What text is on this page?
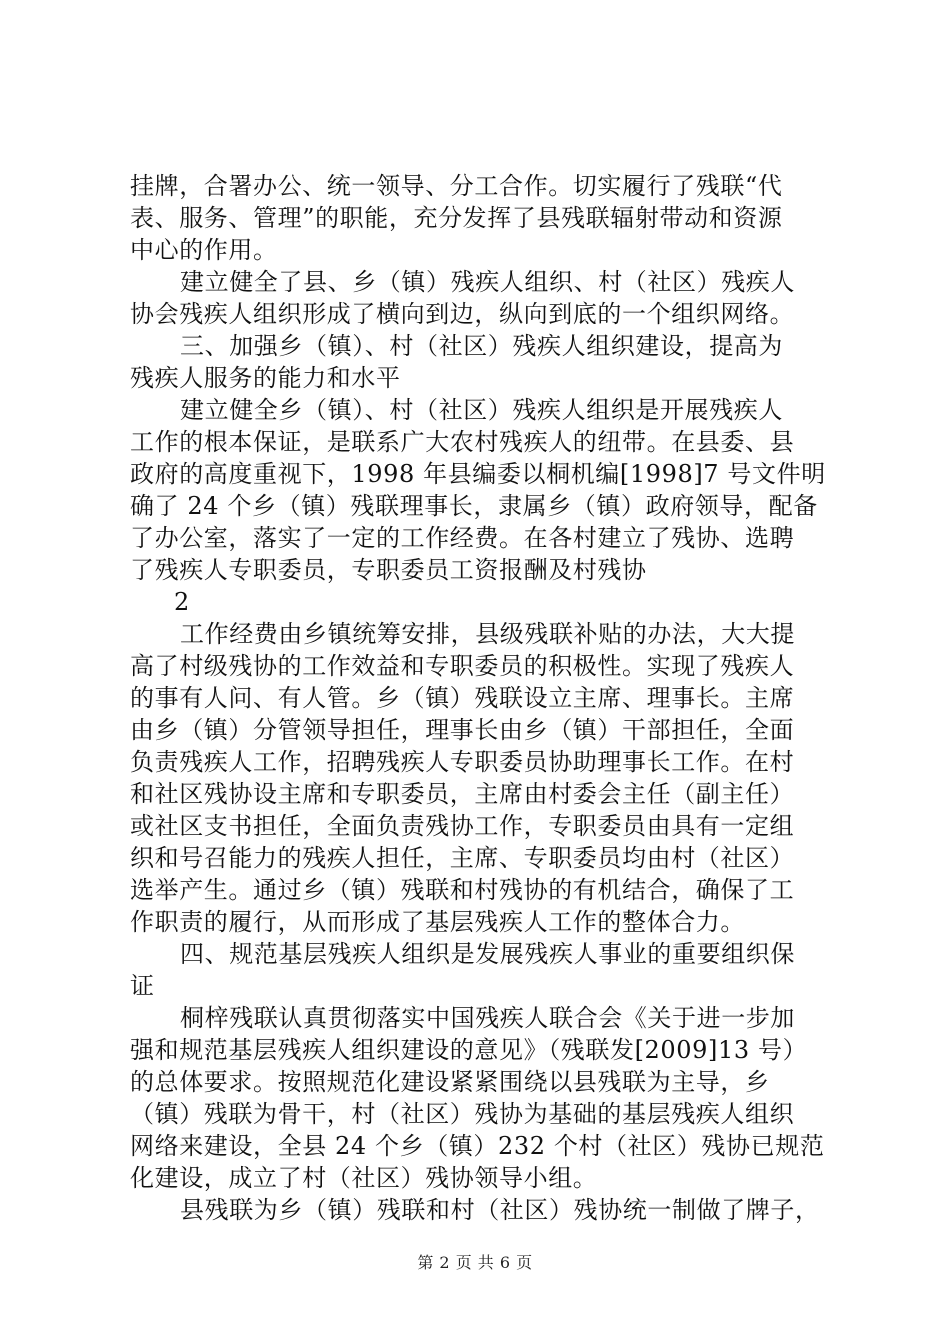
挂牌，合署办公、统一领导、分工合作。切实履行了残联“代
表、服务、管理”的职能，充分发挥了县残联辐射带动和资源
中心的作用。
建立健全了县、乡（镇）残疾人组织、村（社区）残疾人
协会残疾人组织形成了横向到边，纵向到底的一个组织网络。
三、加强乡（镇）、村（社区）残疾人组织建设，提高为
残疾人服务的能力和水平
建立健全乡（镇）、村（社区）残疾人组织是开展残疾人
工作的根本保证，是联系广大农村残疾人的纽带。在县委、县
政府的高度重视下，1998 年县编委以桐机编[1998]7 号文件明
确了 24 个乡（镇）残联理事长，隶属乡（镇）政府领导，配备
了办公室，落实了一定的工作经费。在各村建立了残协、选聘
了残疾人专职委员，专职委员工资报酬及村残协
2
工作经费由乡镇统筹安排，县级残联补贴的办法，大大提
高了村级残协的工作效益和专职委员的积极性。实现了残疾人
的事有人问、有人管。乡（镇）残联设立主席、理事长。主席
由乡（镇）分管领导担任，理事长由乡（镇）干部担任，全面
负责残疾人工作，招聘残疾人专职委员协助理事长工作。在村
和社区残协设主席和专职委员，主席由村委会主任（副主任）
或社区支书担任，全面负责残协工作，专职委员由具有一定组
织和号召能力的残疾人担任，主席、专职委员均由村（社区）
选举产生。通过乡（镇）残联和村残协的有机结合，确保了工
作职责的履行，从而形成了基层残疾人工作的整体合力。
四、规范基层残疾人组织是发展残疾人事业的重要组织保
证
桐梓残联认真贯彻落实中国残疾人联合会《关于进一步加
强和规范基层残疾人组织建设的意见》（残联发[2009]13 号）
的总体要求。按照规范化建设紧紧围绕以县残联为主导，乡
（镇）残联为骨干，村（社区）残协为基础的基层残疾人组织
网络来建设，全县 24 个乡（镇）232 个村（社区）残协已规范
化建设，成立了村（社区）残协领导小组。
县残联为乡（镇）残联和村（社区）残协统一制做了牌子，
第 2 页 共 6 页
